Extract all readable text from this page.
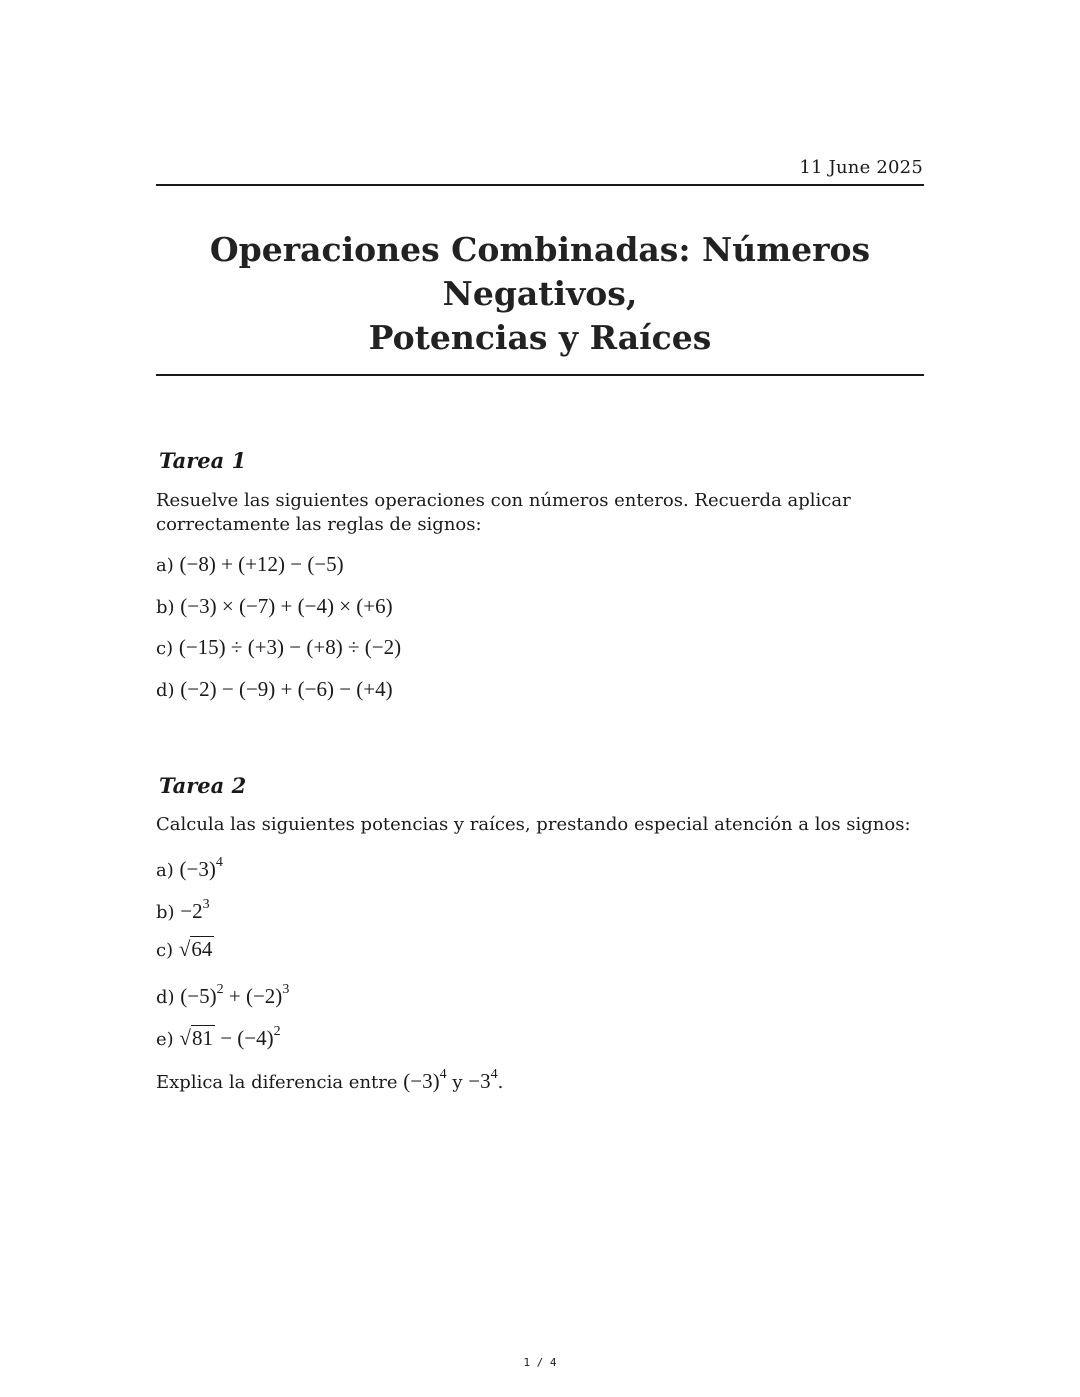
11 June 2025
Operaciones Combinadas: Números Negativos,
Potencias y Raíces
Tarea 1

Resuelve las siguientes operaciones con números enteros. Recuerda aplicar correctamente las reglas de signos:

a) (−8) + (+12) − (−5)
b) (−3) × (−7) + (−4) × (+6)
c) (−15) ÷ (+3) − (+8) ÷ (−2)
d) (−2) − (−9) + (−6) − (+4)
Tarea 2

Calcula las siguientes potencias y raíces, prestando especial atención a los signos:

a) $(-3)^4$
$b) -2^3$
c) √64
d) $(-5)^2 + (-2)^3$
e) $√81 - (-4)^2$
Explica la diferencia entre $(-3)^4$ $y -3^4$.
1 / 4
